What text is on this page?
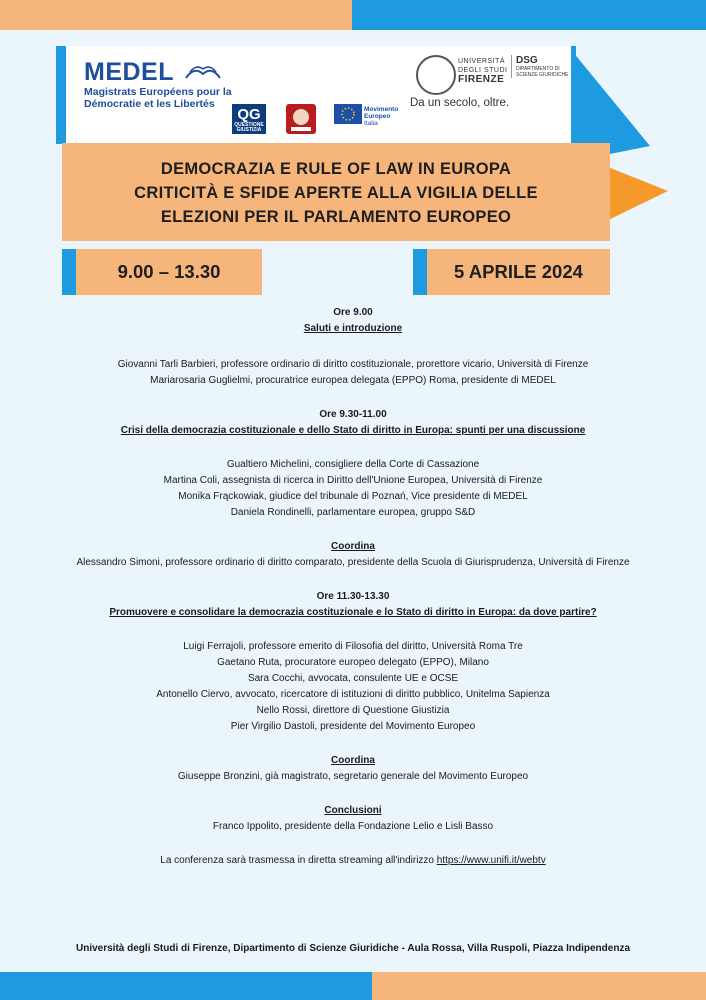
MEDEL
Magistrats Européens pour la
Démocratie et les Libertés
QG
QUESTIONE GIUSTIZIA
Movimento
Europeo
Italia
UNIVERSITÀ
DEGLI STUDI
FIRENZE
DSG
DIPARTIMENTO DI SCIENZE GIURIDICHE
Da un secolo, oltre.
DEMOCRAZIA E RULE OF LAW IN EUROPA
CRITICITÀ E SFIDE APERTE ALLA VIGILIA DELLE
ELEZIONI PER IL PARLAMENTO EUROPEO
9.00 – 13.30	5 APRILE 2024
Ore 9.00
Saluti e introduzione
Giovanni Tarli Barbieri, professore ordinario di diritto costituzionale, prorettore vicario, Università di Firenze
Mariarosaria Guglielmi, procuratrice europea delegata (EPPO) Roma, presidente di MEDEL
Ore 9.30-11.00
Crisi della democrazia costituzionale e dello Stato di diritto in Europa: spunti per una discussione
Gualtiero Michelini, consigliere della Corte di Cassazione
Martina Coli, assegnista di ricerca in Diritto dell'Unione Europea, Università di Firenze
Monika Frąckowiak, giudice del tribunale di Poznań, Vice presidente di MEDEL
Daniela Rondinelli, parlamentare europea, gruppo S&D
Coordina
Alessandro Simoni, professore ordinario di diritto comparato, presidente della Scuola di Giurisprudenza, Università di Firenze
Ore 11.30-13.30
Promuovere e consolidare la democrazia costituzionale e lo Stato di diritto in Europa: da dove partire?
Luigi Ferrajoli, professore emerito di Filosofia del diritto, Università Roma Tre
Gaetano Ruta, procuratore europeo delegato (EPPO), Milano
Sara Cocchi, avvocata, consulente UE e OCSE
Antonello Ciervo, avvocato, ricercatore di istituzioni di diritto pubblico, Unitelma Sapienza
Nello Rossi, direttore di Questione Giustizia
Pier Virgilio Dastoli, presidente del Movimento Europeo
Coordina
Giuseppe Bronzini, già magistrato, segretario generale del Movimento Europeo
Conclusioni
Franco Ippolito, presidente della Fondazione Lelio e Lisli Basso
La conferenza sarà trasmessa in diretta streaming all'indirizzo https://www.unifi.it/webtv
Università degli Studi di Firenze, Dipartimento di Scienze Giuridiche - Aula Rossa, Villa Ruspoli, Piazza Indipendenza
